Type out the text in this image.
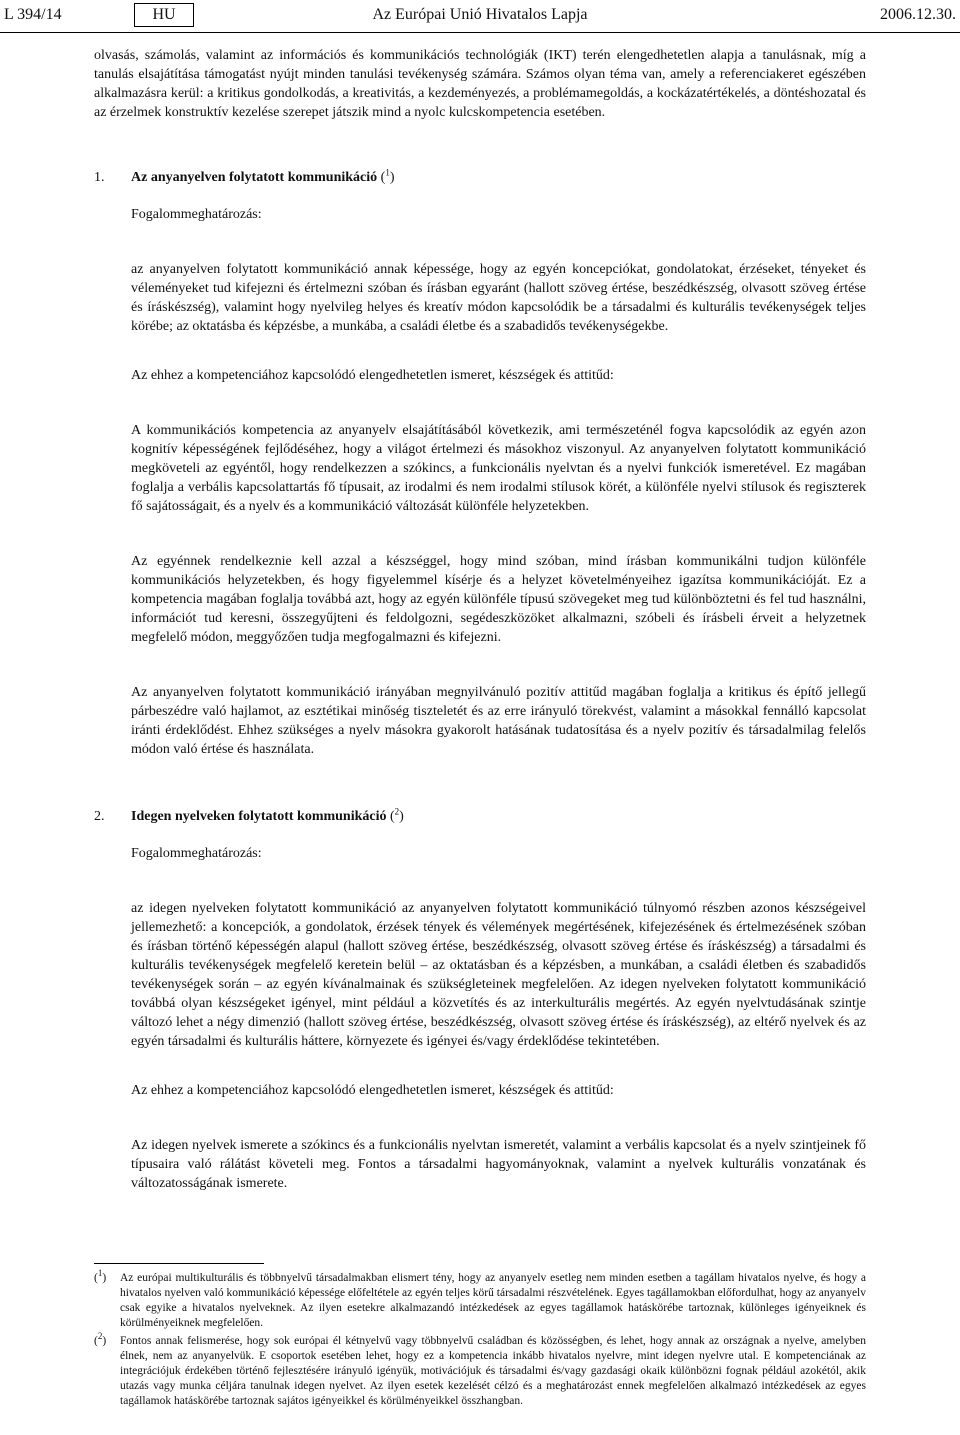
L 394/14	HU	Az Európai Unió Hivatalos Lapja	2006.12.30.

olvasás, számolás, valamint az információs és kommunikációs technológiák (IKT) terén elengedhetetlen alapja a tanulásnak, míg a tanulás elsajátítása támogatást nyújt minden tanulási tevékenység számára. Számos olyan téma van, amely a referenciakeret egészében alkalmazásra kerül: a kritikus gondolkodás, a kreativitás, a kezdeményezés, a problémamegoldás, a kockázatértékelés, a döntéshozatal és az érzelmek konstruktív kezelése szerepet játszik mind a nyolc kulcskompetencia esetében.

1. Az anyanyelven folytatott kommunikáció ($^1$)

Fogalommeghatározás:

az anyanyelven folytatott kommunikáció annak képessége, hogy az egyén koncepciókat, gondolatokat, érzéseket, tényeket és véleményeket tud kifejezni és értelmezni szóban és írásban egyaránt (hallott szöveg értése, beszédkészség, olvasott szöveg értése és íráskészség), valamint hogy nyelvileg helyes és kreatív módon kapcsolódik be a társadalmi és kulturális tevékenységek teljes körébe; az oktatásba és képzésbe, a munkába, a családi életbe és a szabadidős tevékenységekbe.

Az ehhez a kompetenciához kapcsolódó elengedhetetlen ismeret, készségek és attitűd:

A kommunikációs kompetencia az anyanyelv elsajátításából következik, ami természeténél fogva kapcsolódik az egyén azon kognitív képességének fejlődéséhez, hogy a világot értelmezi és másokhoz viszonyul. Az anyanyelven folytatott kommunikáció megköveteli az egyéntől, hogy rendelkezzen a szókincs, a funkcionális nyelvtan és a nyelvi funkciók ismeretével. Ez magában foglalja a verbális kapcsolattartás fő típusait, az irodalmi és nem irodalmi stílusok körét, a különféle nyelvi stílusok és regiszterek fő sajátosságait, és a nyelv és a kommunikáció változását különféle helyzetekben.

Az egyénnek rendelkeznie kell azzal a készséggel, hogy mind szóban, mind írásban kommunikálni tudjon különféle kommunikációs helyzetekben, és hogy figyelemmel kísérje és a helyzet követelményeihez igazítsa kommunikációját. Ez a kompetencia magában foglalja továbbá azt, hogy az egyén különféle típusú szövegeket meg tud különböztetni és fel tud használni, információt tud keresni, összegyűjteni és feldolgozni, segédeszközöket alkalmazni, szóbeli és írásbeli érveit a helyzetnek megfelelő módon, meggyőzően tudja megfogalmazni és kifejezni.

Az anyanyelven folytatott kommunikáció irányában megnyilvánuló pozitív attitűd magában foglalja a kritikus és építő jellegű párbeszédre való hajlamot, az esztétikai minőség tiszteletét és az erre irányuló törekvést, valamint a másokkal fennálló kapcsolat iránti érdeklődést. Ehhez szükséges a nyelv másokra gyakorolt hatásának tudatosítása és a nyelv pozitív és társadalmilag felelős módon való értése és használata.

2. Idegen nyelveken folytatott kommunikáció ($^2$)

Fogalommeghatározás:

az idegen nyelveken folytatott kommunikáció az anyanyelven folytatott kommunikáció túlnyomó részben azonos készségeivel jellemezhető: a koncepciók, a gondolatok, érzések tények és vélemények megértésének, kifejezésének és értelmezésének szóban és írásban történő képességén alapul (hallott szöveg értése, beszédkészség, olvasott szöveg értése és íráskészség) a társadalmi és kulturális tevékenységek megfelelő keretein belül – az oktatásban és a képzésben, a munkában, a családi életben és szabadidős tevékenységek során – az egyén kívánalmainak és szükségleteinek megfelelően. Az idegen nyelveken folytatott kommunikáció továbbá olyan készségeket igényel, mint például a közvetítés és az interkulturális megértés. Az egyén nyelvtudásának szintje változó lehet a négy dimenzió (hallott szöveg értése, beszédkészség, olvasott szöveg értése és íráskészség), az eltérő nyelvek és az egyén társadalmi és kulturális háttere, környezete és igényei és/vagy érdeklődése tekintetében.

Az ehhez a kompetenciához kapcsolódó elengedhetetlen ismeret, készségek és attitűd:

Az idegen nyelvek ismerete a szókincs és a funkcionális nyelvtan ismeretét, valamint a verbális kapcsolat és a nyelv szintjeinek fő típusaira való rálátást követeli meg. Fontos a társadalmi hagyományoknak, valamint a nyelvek kulturális vonzatának és változatosságának ismerete.

($^1$) Az európai multikulturális és többnyelvű társadalmakban elismert tény, hogy az anyanyelv esetleg nem minden esetben a tagállam hivatalos nyelve, és hogy a hivatalos nyelven való kommunikáció képessége előfeltétele az egyén teljes körű társadalmi részvételének. Egyes tagállamokban előfordulhat, hogy az anyanyelv csak egyike a hivatalos nyelveknek. Az ilyen esetekre alkalmazandó intézkedések az egyes tagállamok hatáskörébe tartoznak, különleges igényeiknek és körülményeiknek megfelelően.
($^2$) Fontos annak felismerése, hogy sok európai él kétnyelvű vagy többnyelvű családban és közösségben, és lehet, hogy annak az országnak a nyelve, amelyben élnek, nem az anyanyelvük. E csoportok esetében lehet, hogy ez a kompetencia inkább hivatalos nyelvre, mint idegen nyelvre utal. E kompetenciának az integrációjuk érdekében történő fejlesztésére irányuló igényük, motivációjuk és társadalmi és/vagy gazdasági okaik különbözni fognak például azokétól, akik utazás vagy munka céljára tanulnak idegen nyelvet. Az ilyen esetek kezelését célzó és a meghatározást ennek megfelelően alkalmazó intézkedések az egyes tagállamok hatáskörébe tartoznak sajátos igényeikkel és körülményeikkel összhangban.
